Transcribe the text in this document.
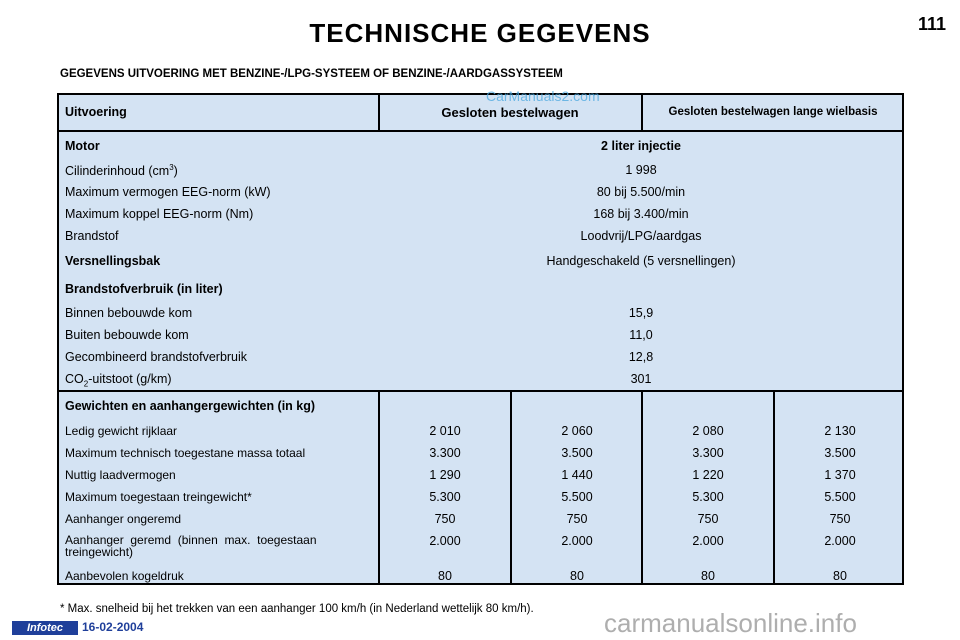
TECHNISCHE GEGEVENS	111
GEGEVENS UITVOERING MET BENZINE-/LPG-SYSTEEM OF BENZINE-/AARDGASSYSTEEM
Uitvoering	Gesloten bestelwagen	Gesloten bestelwagen lange wielbasis
Motor	2 liter injectie
Cilinderinhoud $(cm^3)$	1 998
Maximum vermogen EEG-norm (kW)	80 bij 5.500/min
Maximum koppel EEG-norm (Nm)	168 bij 3.400/min
Brandstof	Loodvrij/LPG/aardgas
Versnellingsbak	Handgeschakeld (5 versnellingen)
Brandstofverbruik (in liter)
Binnen bebouwde kom	15,9
Buiten bebouwde kom	11,0
Gecombineerd brandstofverbruik	12,8
$CO_2$-uitstoot (g/km)	301
Gewichten en aanhangergewichten (in kg)
Ledig gewicht rijklaar	2 010	2 060	2 080	2 130
Maximum technisch toegestane massa totaal	3.300	3.500	3.300	3.500
Nuttig laadvermogen	1 290	1 440	1 220	1 370
Maximum toegestaan treingewicht*	5.300	5.500	5.300	5.500
Aanhanger ongeremd	750	750	750	750
Aanhanger  geremd  (binnen  max.  toegestaan
treingewicht)
2.000	2.000	2.000	2.000
Aanbevolen kogeldruk	80	80	80	80
CarManuals2.com
* Max. snelheid bij het trekken van een aanhanger 100 km/h (in Nederland wettelijk 80 km/h).
Infotec	16-02-2004	carmanualsonline.info
